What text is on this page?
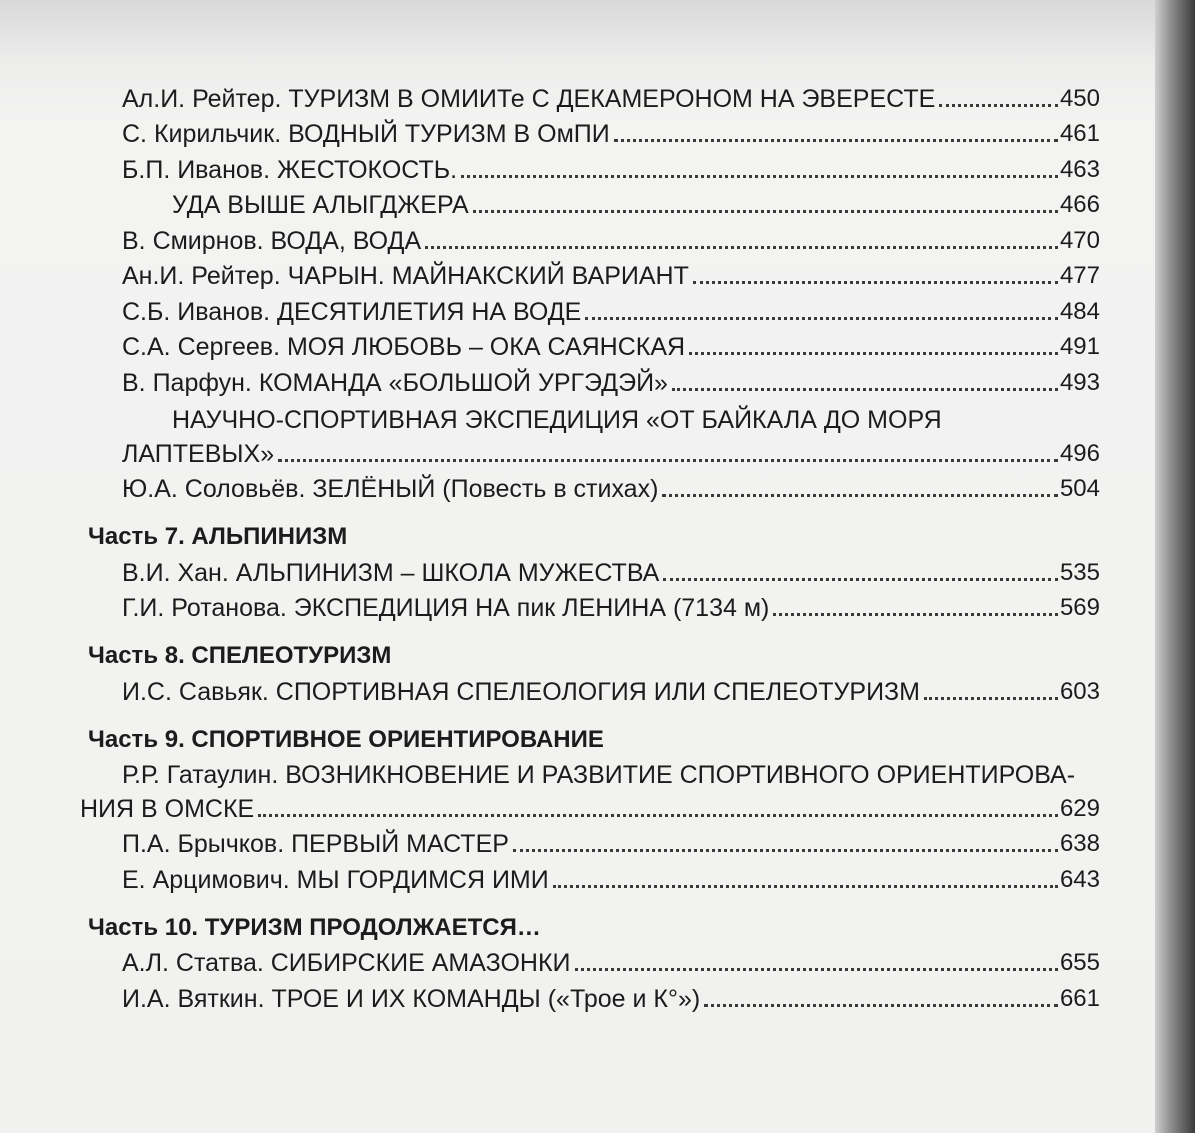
Ал.И. Рейтер. ТУРИЗМ В ОМИИТе С ДЕКАМЕРОНОМ НА ЭВЕРЕСТЕ	450
С. Кирильчик. ВОДНЫЙ ТУРИЗМ В ОмПИ	461
Б.П. Иванов. ЖЕСТОКОСТЬ.	463
УДА ВЫШЕ АЛЫГДЖЕРА	466
В. Смирнов. ВОДА, ВОДА	470
Ан.И. Рейтер. ЧАРЫН. МАЙНАКСКИЙ ВАРИАНТ	477
С.Б. Иванов. ДЕСЯТИЛЕТИЯ НА ВОДЕ	484
С.А. Сергеев. МОЯ ЛЮБОВЬ – ОКА САЯНСКАЯ	491
В. Парфун. КОМАНДА «БОЛЬШОЙ УРГЭДЭЙ»	493
НАУЧНО-СПОРТИВНАЯ ЭКСПЕДИЦИЯ «ОТ БАЙКАЛА ДО МОРЯ
ЛАПТЕВЫХ»	496
Ю.А. Соловьёв. ЗЕЛЁНЫЙ (Повесть в стихах)	504
Часть 7. АЛЬПИНИЗМ
В.И. Хан. АЛЬПИНИЗМ – ШКОЛА МУЖЕСТВА	535
Г.И. Ротанова. ЭКСПЕДИЦИЯ НА пик ЛЕНИНА (7134 м)	569
Часть 8. СПЕЛЕОТУРИЗМ
И.С. Савьяк. СПОРТИВНАЯ СПЕЛЕОЛОГИЯ ИЛИ СПЕЛЕОТУРИЗМ	603
Часть 9. СПОРТИВНОЕ ОРИЕНТИРОВАНИЕ
Р.Р. Гатаулин. ВОЗНИКНОВЕНИЕ И РАЗВИТИЕ СПОРТИВНОГО ОРИЕНТИРОВА-
НИЯ В ОМСКЕ	629
П.А. Брычков. ПЕРВЫЙ МАСТЕР	638
Е. Арцимович. МЫ ГОРДИМСЯ ИМИ	643
Часть 10. ТУРИЗМ ПРОДОЛЖАЕТСЯ…
А.Л. Статва. СИБИРСКИЕ АМАЗОНКИ	655
И.А. Вяткин. ТРОЕ И ИХ КОМАНДЫ («Трое и К°»)	661
